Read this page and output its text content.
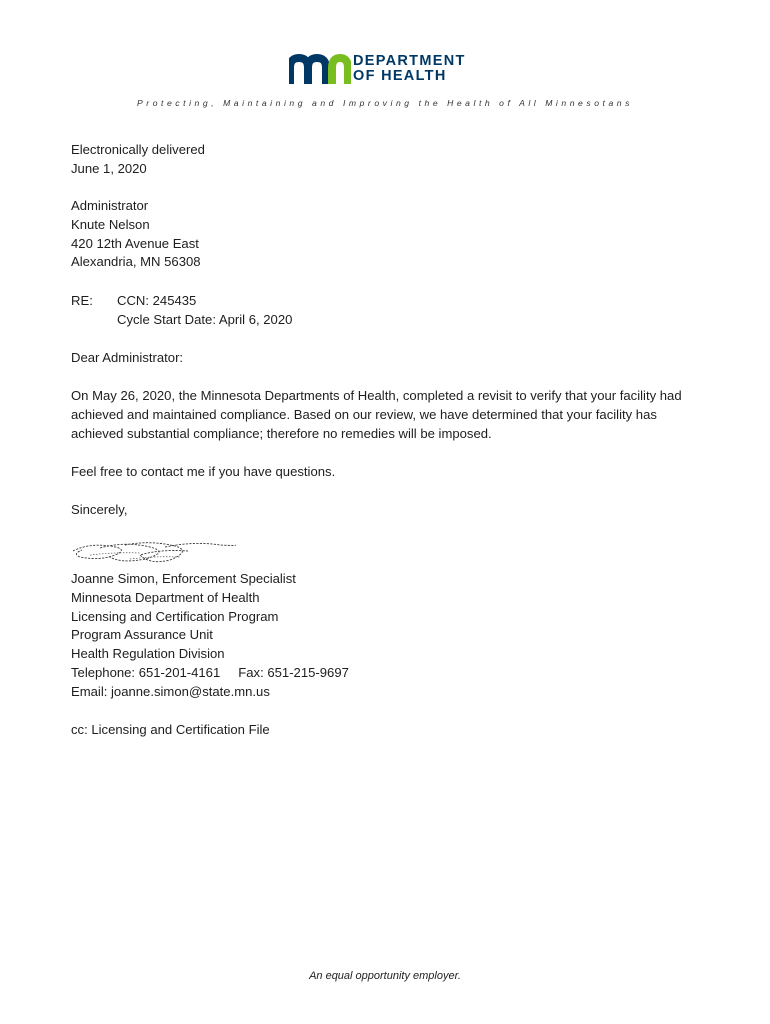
DEPARTMENT
OF HEALTH
Protecting, Maintaining and Improving the Health of All Minnesotans

Electronically delivered

June 1, 2020

Administrator

Knute Nelson

420 12th Avenue East

Alexandria, MN 56308

RE: CCN: 245435

Cycle Start Date: April 6, 2020

Dear Administrator:
On May 26, 2020, the Minnesota Departments of Health, completed a revisit to verify that your facility had achieved and maintained compliance. Based on our review, we have determined that your facility has achieved substantial compliance; therefore no remedies will be imposed.
Feel free to contact me if you have questions.
Sincerely,

Joanne Simon, Enforcement Specialist

Minnesota Department of Health

Licensing and Certification Program

Program Assurance Unit

Health Regulation Division

Telephone: 651-201-4161 Fax: 651-215-9697

Email: joanne.simon@state.mn.us

cc: Licensing and Certification File
An equal opportunity employer.
